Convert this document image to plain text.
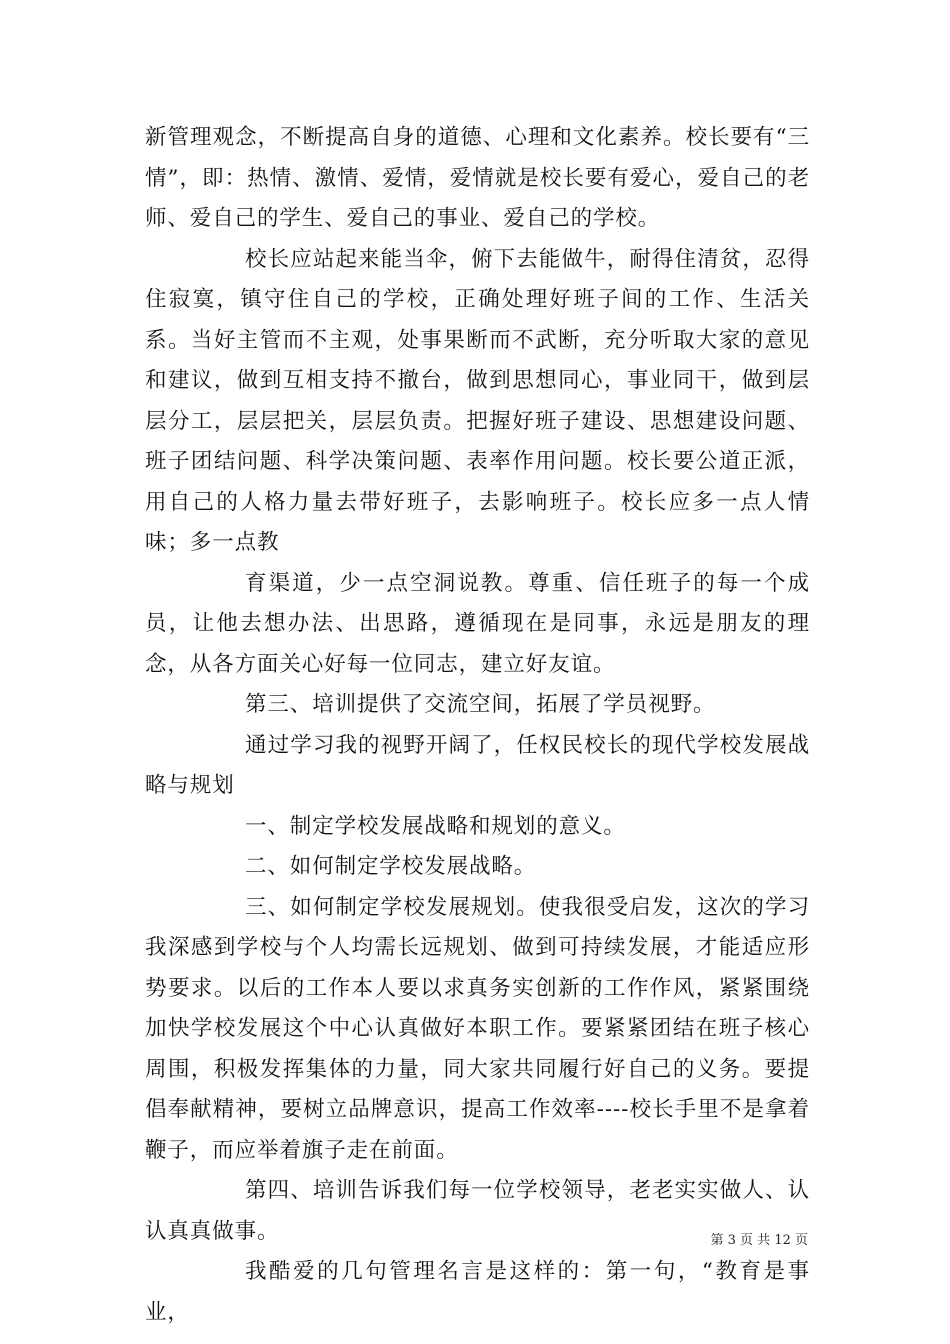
新管理观念，不断提高自身的道德、心理和文化素养。校长要有“三情”，即：热情、激情、爱情，爱情就是校长要有爱心，爱自己的老师、爱自己的学生、爱自己的事业、爱自己的学校。

校长应站起来能当伞，俯下去能做牛，耐得住清贫，忍得住寂寞，镇守住自己的学校，正确处理好班子间的工作、生活关系。当好主管而不主观，处事果断而不武断，充分听取大家的意见和建议，做到互相支持不撤台，做到思想同心，事业同干，做到层层分工，层层把关，层层负责。把握好班子建设、思想建设问题、班子团结问题、科学决策问题、表率作用问题。校长要公道正派，用自己的人格力量去带好班子，去影响班子。校长应多一点人情味；多一点教

育渠道，少一点空洞说教。尊重、信任班子的每一个成员，让他去想办法、出思路，遵循现在是同事，永远是朋友的理念，从各方面关心好每一位同志，建立好友谊。

第三、培训提供了交流空间，拓展了学员视野。

通过学习我的视野开阔了，任权民校长的现代学校发展战略与规划

一、制定学校发展战略和规划的意义。

二、如何制定学校发展战略。

三、如何制定学校发展规划。使我很受启发，这次的学习我深感到学校与个人均需长远规划、做到可持续发展，才能适应形势要求。以后的工作本人要以求真务实创新的工作作风，紧紧围绕加快学校发展这个中心认真做好本职工作。要紧紧团结在班子核心周围，积极发挥集体的力量，同大家共同履行好自己的义务。要提倡奉献精神，要树立品牌意识，提高工作效率----校长手里不是拿着鞭子，而应举着旗子走在前面。

第四、培训告诉我们每一位学校领导，老老实实做人、认认真真做事。

我酷爱的几句管理名言是这样的：第一句，“教育是事业，

第 3 页 共 12 页
